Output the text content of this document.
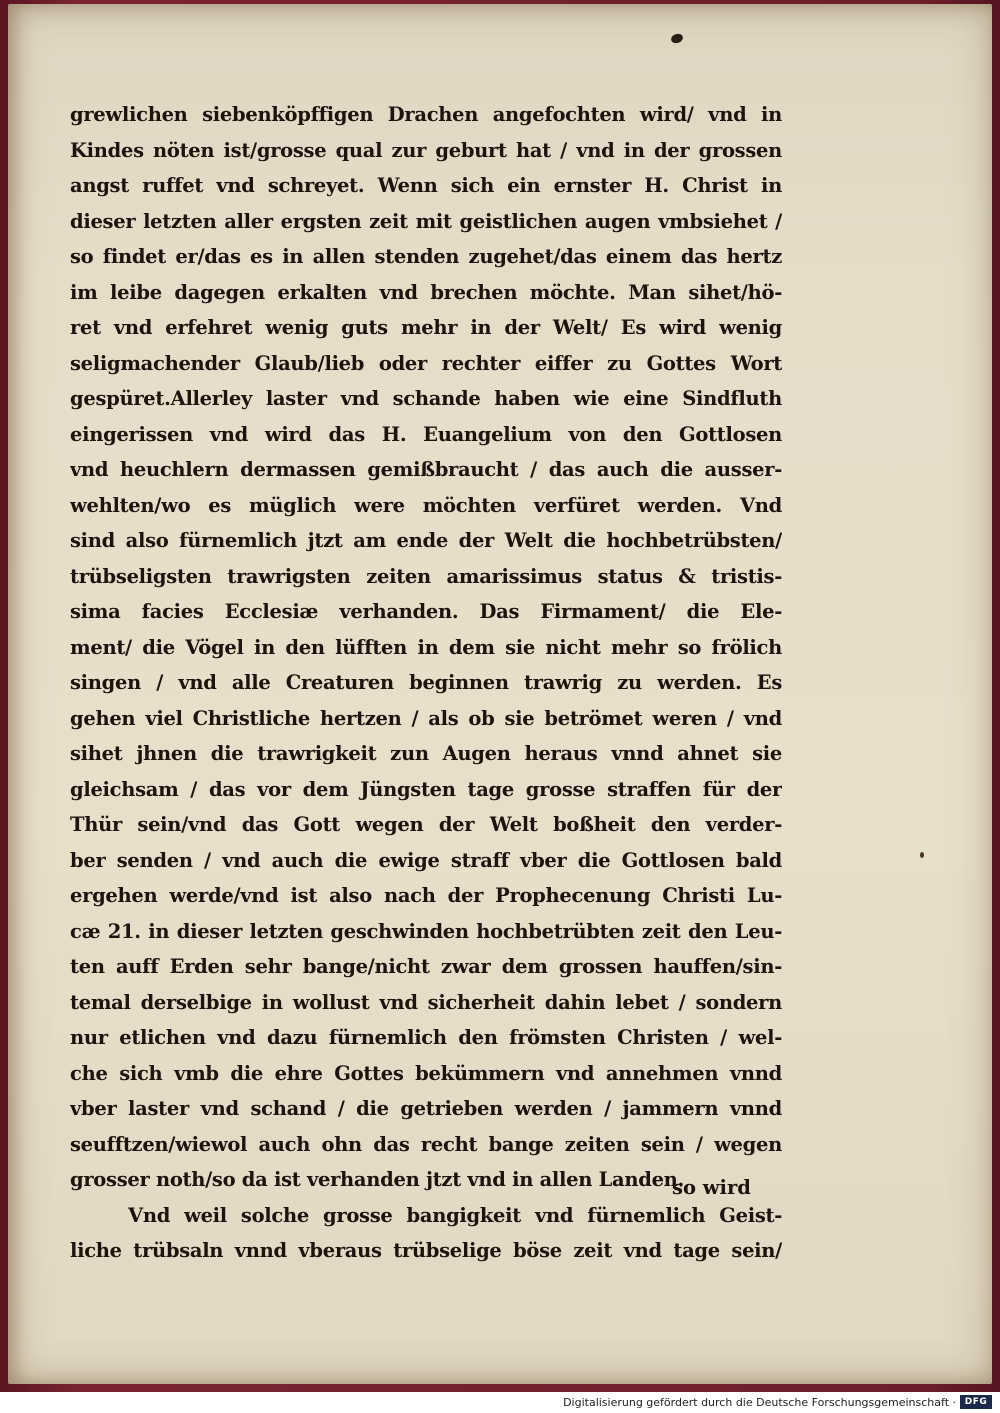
grewlichen siebenköpffigen Drachen angefochten wird/ vnd in
Kindes nöten ist/grosse qual zur geburt hat / vnd in der grossen
angst ruffet vnd schreyet. Wenn sich ein ernster H. Christ in
dieser letzten aller ergsten zeit mit geistlichen augen vmbsiehet /
so findet er/das es in allen stenden zugehet/das einem das hertz
im leibe dagegen erkalten vnd brechen möchte. Man sihet/hö-
ret vnd erfehret wenig guts mehr in der Welt/ Es wird wenig
seligmachender Glaub/lieb oder rechter eiffer zu Gottes Wort
gespüret.Allerley laster vnd schande haben wie eine Sindfluth
eingerissen vnd wird das H. Euangelium von den Gottlosen
vnd heuchlern dermassen gemißbraucht / das auch die ausser-
wehlten/wo es müglich were möchten verfüret werden. Vnd
sind also fürnemlich jtzt am ende der Welt die hochbetrübsten/
trübseligsten trawrigsten zeiten amarissimus status & tristis-
sima facies Ecclesiæ verhanden. Das Firmament/ die Ele-
ment/ die Vögel in den lüfften in dem sie nicht mehr so frölich
singen / vnd alle Creaturen beginnen trawrig zu werden. Es
gehen viel Christliche hertzen / als ob sie betrömet weren / vnd
sihet jhnen die trawrigkeit zun Augen heraus vnnd ahnet sie
gleichsam / das vor dem Jüngsten tage grosse straffen für der
Thür sein/vnd das Gott wegen der Welt boßheit den verder-
ber senden / vnd auch die ewige straff vber die Gottlosen bald
ergehen werde/vnd ist also nach der Prophecenung Christi Lu-
cæ 21. in dieser letzten geschwinden hochbetrübten zeit den Leu-
ten auff Erden sehr bange/nicht zwar dem grossen hauffen/sin-
temal derselbige in wollust vnd sicherheit dahin lebet / sondern
nur etlichen vnd dazu fürnemlich den frömsten Christen / wel-
che sich vmb die ehre Gottes bekümmern vnd annehmen vnnd
vber laster vnd schand / die getrieben werden / jammern vnnd
seufftzen/wiewol auch ohn das recht bange zeiten sein / wegen
grosser noth/so da ist verhanden jtzt vnd in allen Landen.
Vnd weil solche grosse bangigkeit vnd fürnemlich Geist-
liche trübsaln vnnd vberaus trübselige böse zeit vnd tage sein/
so wird
Digitalisierung gefördert durch die Deutsche Forschungsgemeinschaft · DFG
